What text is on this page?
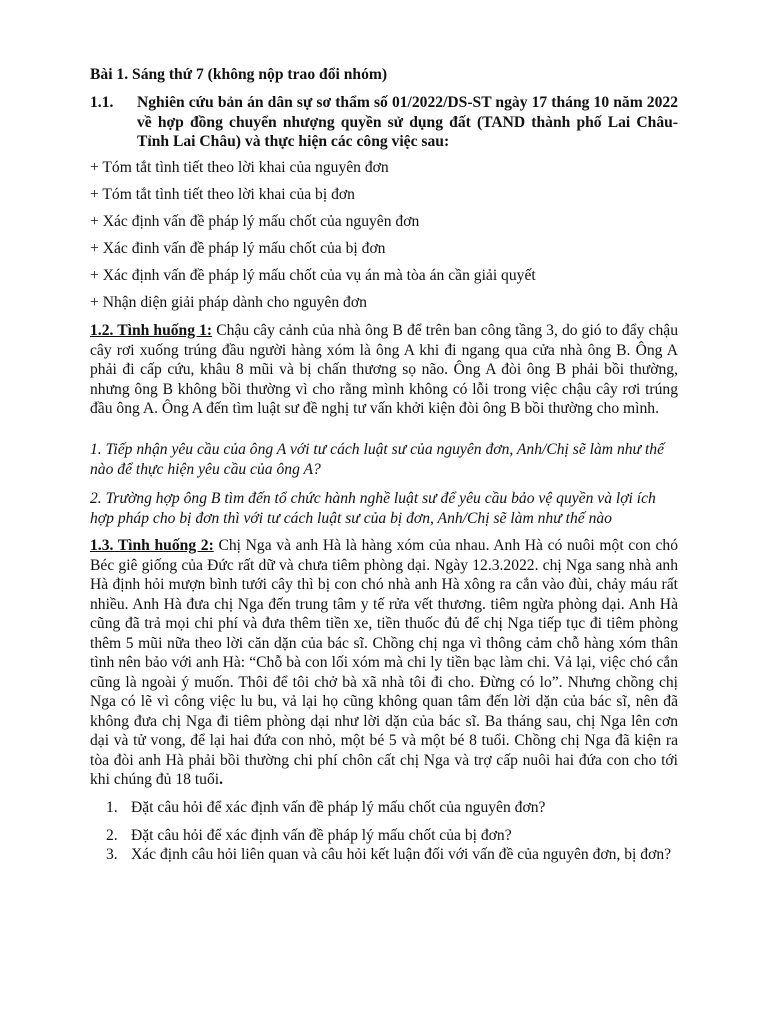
Bài 1. Sáng thứ 7 (không nộp trao đổi nhóm)

1.1. Nghiên cứu bản án dân sự sơ thẩm số 01/2022/DS-ST ngày 17 tháng 10 năm 2022 về hợp đồng chuyển nhượng quyền sử dụng đất (TAND thành phố Lai Châu- Tỉnh Lai Châu) và thực hiện các công việc sau:
+ Tóm tắt tình tiết theo lời khai của nguyên đơn
+ Tóm tắt tình tiết theo lời khai của bị đơn
+ Xác định vấn đề pháp lý mấu chốt của nguyên đơn
+ Xác đinh vấn đề pháp lý mấu chốt của bị đơn
+ Xác định vấn đề pháp lý mấu chốt của vụ án mà tòa án cần giải quyết
+ Nhận diện giải pháp dành cho nguyên đơn

1.2. Tình huống 1: Chậu cây cảnh của nhà ông B để trên ban công tầng 3, do gió to đẩy chậu cây rơi xuống trúng đầu người hàng xóm là ông A khi đi ngang qua cửa nhà ông B. Ông A phải đi cấp cứu, khâu 8 mũi và bị chấn thương sọ não. Ông A đòi ông B phải bồi thường, nhưng ông B không bồi thường vì cho rằng mình không có lỗi trong việc chậu cây rơi trúng đầu ông A. Ông A đến tìm luật sư đề nghị tư vấn khởi kiện đòi ông B bồi thường cho mình.

1. Tiếp nhận yêu cầu của ông A với tư cách luật sư của nguyên đơn, Anh/Chị sẽ làm như thế nào để thực hiện yêu cầu của ông A?

2. Trường hợp ông B tìm đến tổ chức hành nghề luật sư để yêu cầu bảo vệ quyền và lợi ích hợp pháp cho bị đơn thì với tư cách luật sư của bị đơn, Anh/Chị sẽ làm như thế nào

1.3. Tình huống 2: Chị Nga và anh Hà là hàng xóm của nhau. Anh Hà có nuôi một con chó Béc giê giống của Đức rất dữ và chưa tiêm phòng dại. Ngày 12.3.2022. chị Nga sang nhà anh Hà định hỏi mượn bình tưới cây thì bị con chó nhà anh Hà xông ra cắn vào đùi, chảy máu rất nhiều. Anh Hà đưa chị Nga đến trung tâm y tế rửa vết thương. tiêm ngừa phòng dại. Anh Hà cũng đã trả mọi chi phí và đưa thêm tiền xe, tiền thuốc đủ để chị Nga tiếp tục đi tiêm phòng thêm 5 mũi nữa theo lời căn dặn của bác sĩ. Chồng chị nga vì thông cảm chỗ hàng xóm thân tình nên bảo với anh Hà: “Chỗ bà con lối xóm mà chi ly tiền bạc làm chi. Vả lại, việc chó cắn cũng là ngoài ý muốn. Thôi để tôi chở bà xã nhà tôi đi cho. Đừng có lo”. Nhưng chồng chị Nga có lẽ vì công việc lu bu, vả lại họ cũng không quan tâm đến lời dặn của bác sĩ, nên đã không đưa chị Nga đi tiêm phòng dại như lời dặn của bác sĩ. Ba tháng sau, chị Nga lên cơn dại và tử vong, để lại hai đứa con nhỏ, một bé 5 và một bé 8 tuổi. Chồng chị Nga đã kiện ra tòa đòi anh Hà phải bồi thường chi phí chôn cất chị Nga và trợ cấp nuôi hai đứa con cho tới khi chúng đủ 18 tuổi.

1. Đặt câu hỏi để xác định vấn đề pháp lý mấu chốt của nguyên đơn?
2. Đặt câu hỏi để xác định vấn đề pháp lý mấu chốt của bị đơn?
3. Xác định câu hỏi liên quan và câu hỏi kết luận đối với vấn đề của nguyên đơn, bị đơn?
